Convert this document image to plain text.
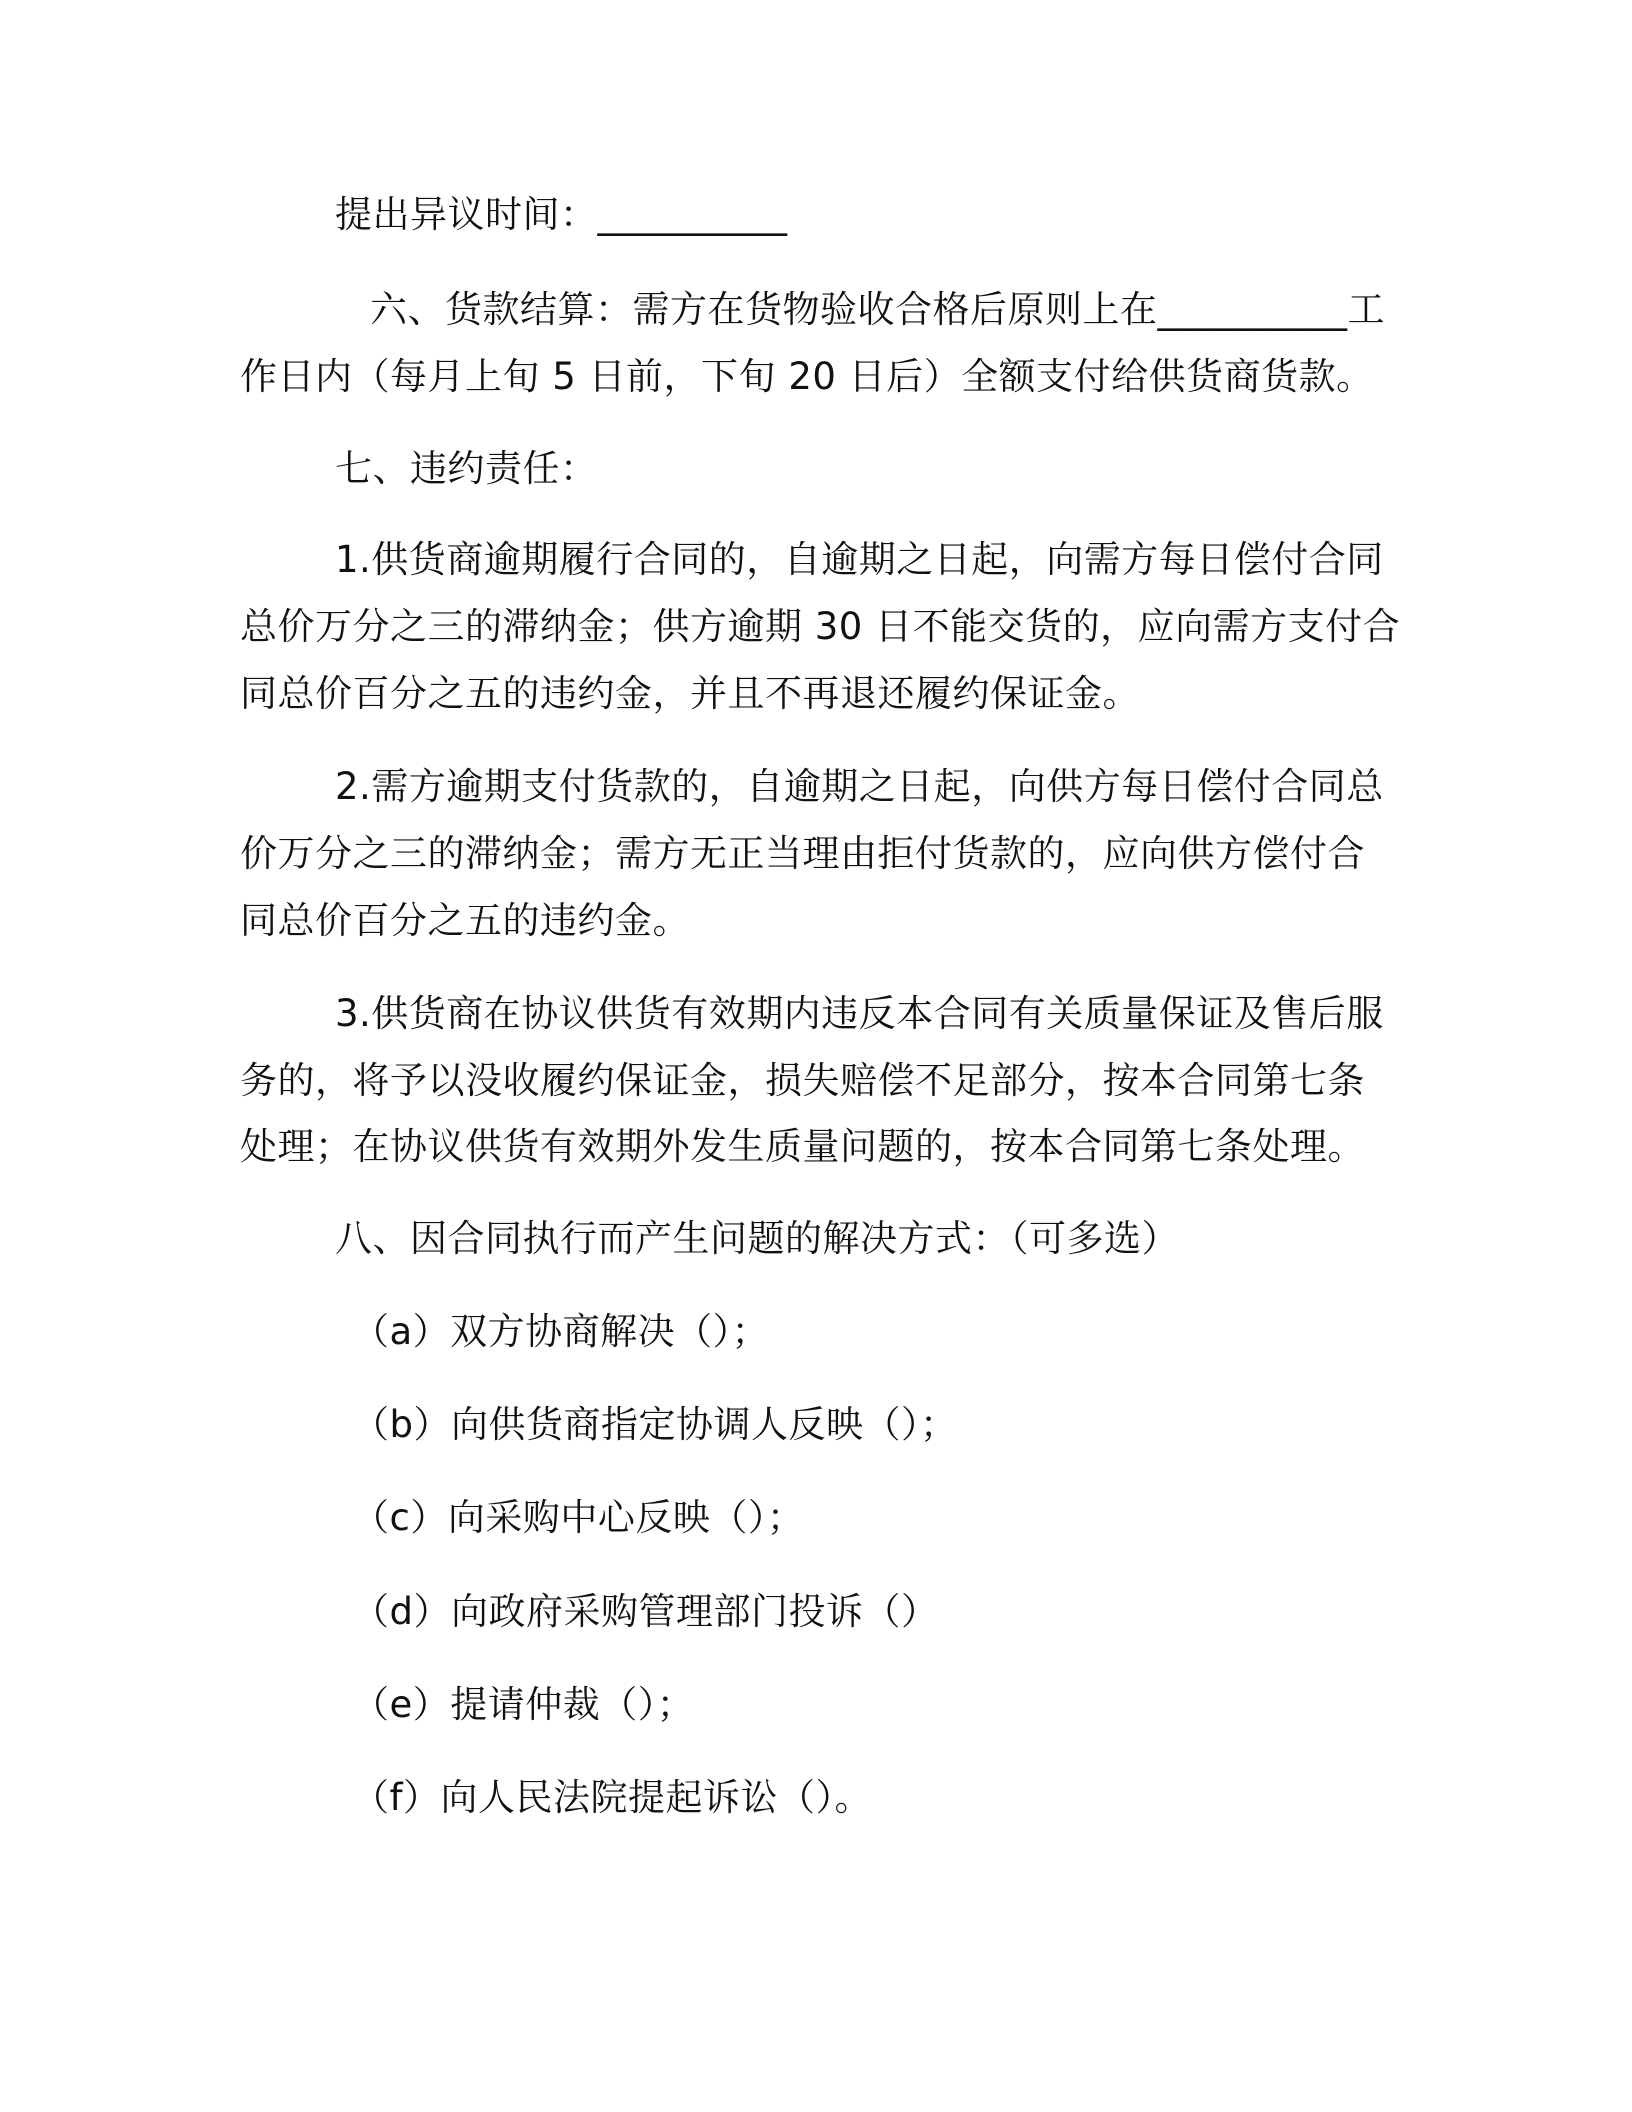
提出异议时间：__________
六、货款结算：需方在货物验收合格后原则上在__________工
作日内（每月上旬 5 日前，下旬 20 日后）全额支付给供货商货款。
七、违约责任：
1.供货商逾期履行合同的，自逾期之日起，向需方每日偿付合同
总价万分之三的滞纳金；供方逾期 30 日不能交货的，应向需方支付合
同总价百分之五的违约金，并且不再退还履约保证金。
2.需方逾期支付货款的，自逾期之日起，向供方每日偿付合同总
价万分之三的滞纳金；需方无正当理由拒付货款的，应向供方偿付合
同总价百分之五的违约金。
3.供货商在协议供货有效期内违反本合同有关质量保证及售后服
务的，将予以没收履约保证金，损失赔偿不足部分，按本合同第七条
处理；在协议供货有效期外发生质量问题的，按本合同第七条处理。
八、因合同执行而产生问题的解决方式：（可多选）
（a）双方协商解决（）；
（b）向供货商指定协调人反映（）；
（c）向采购中心反映（）；
（d）向政府采购管理部门投诉（）
（e）提请仲裁（）；
（f）向人民法院提起诉讼（）。
